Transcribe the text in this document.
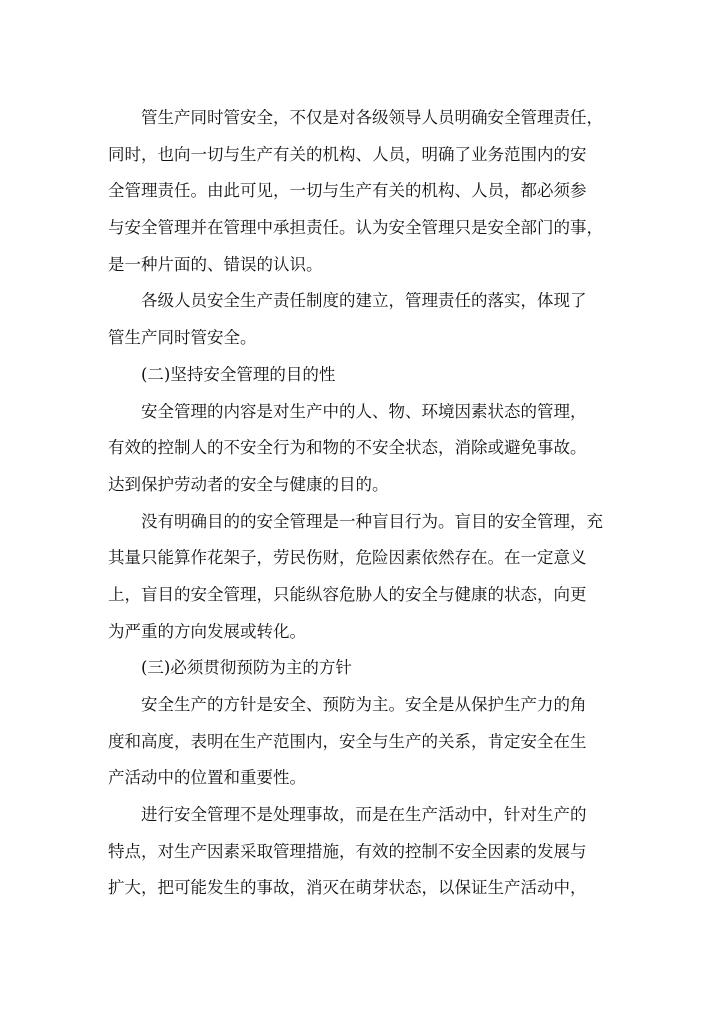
管生产同时管安全，不仅是对各级领导人员明确安全管理责任，
同时，也向一切与生产有关的机构、人员，明确了业务范围内的安
全管理责任。由此可见，一切与生产有关的机构、人员，都必须参
与安全管理并在管理中承担责任。认为安全管理只是安全部门的事，
是一种片面的、错误的认识。
各级人员安全生产责任制度的建立，管理责任的落实，体现了
管生产同时管安全。
(二)坚持安全管理的目的性
安全管理的内容是对生产中的人、物、环境因素状态的管理，
有效的控制人的不安全行为和物的不安全状态，消除或避免事故。
达到保护劳动者的安全与健康的目的。
没有明确目的的安全管理是一种盲目行为。盲目的安全管理，充
其量只能算作花架子，劳民伤财，危险因素依然存在。在一定意义
上，盲目的安全管理，只能纵容危胁人的安全与健康的状态，向更
为严重的方向发展或转化。
(三)必须贯彻预防为主的方针
安全生产的方针是安全、预防为主。安全是从保护生产力的角
度和高度，表明在生产范围内，安全与生产的关系，肯定安全在生
产活动中的位置和重要性。
进行安全管理不是处理事故，而是在生产活动中，针对生产的
特点，对生产因素采取管理措施，有效的控制不安全因素的发展与
扩大，把可能发生的事故，消灭在萌芽状态，以保证生产活动中，
